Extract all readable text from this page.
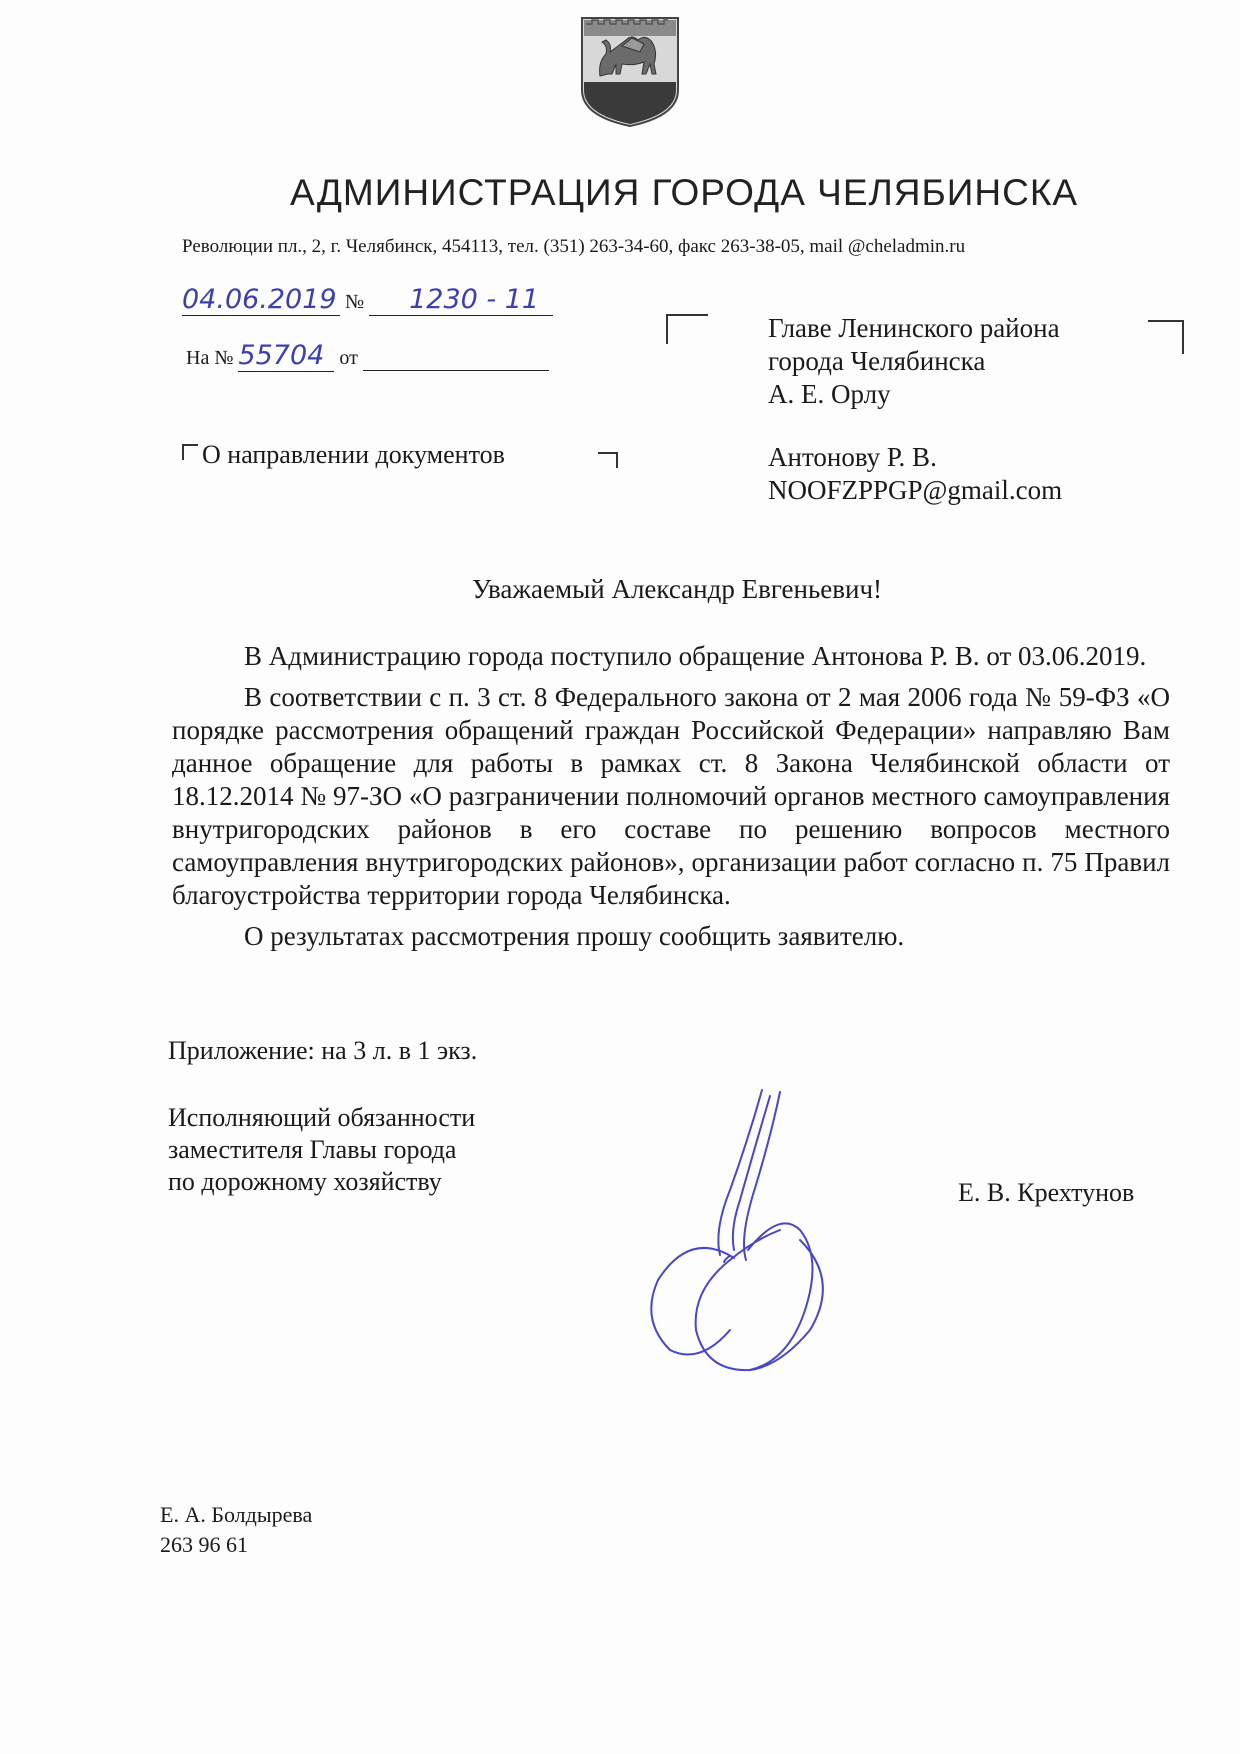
АДМИНИСТРАЦИЯ ГОРОДА ЧЕЛЯБИНСКА
Революции пл., 2, г. Челябинск, 454113, тел. (351) 263-34-60, факс 263-38-05, mail @cheladmin.ru
04.06.2019 № 1230 - 11
На № 55704 от
Главе Ленинского района
города Челябинска
А. Е. Орлу
Антонову Р. В.
NOOFZPPGP@gmail.com
О направлении документов
Уважаемый Александр Евгеньевич!

В Администрацию города поступило обращение Антонова Р. В. от 03.06.2019.

В соответствии с п. 3 ст. 8 Федерального закона от 2 мая 2006 года № 59-ФЗ «О порядке рассмотрения обращений граждан Российской Федерации» направляю Вам данное обращение для работы в рамках ст. 8 Закона Челябинской области от 18.12.2014 № 97-ЗО «О разграничении полномочий органов местного самоуправления внутригородских районов в его составе по решению вопросов местного самоуправления внутригородских районов», организации работ согласно п. 75 Правил благоустройства территории города Челябинска.

О результатах рассмотрения прошу сообщить заявителю.

Приложение: на 3 л. в 1 экз.
Исполняющий обязанности
заместителя Главы города
по дорожному хозяйству	Е. В. Крехтунов
Е. А. Болдырева
263 96 61
